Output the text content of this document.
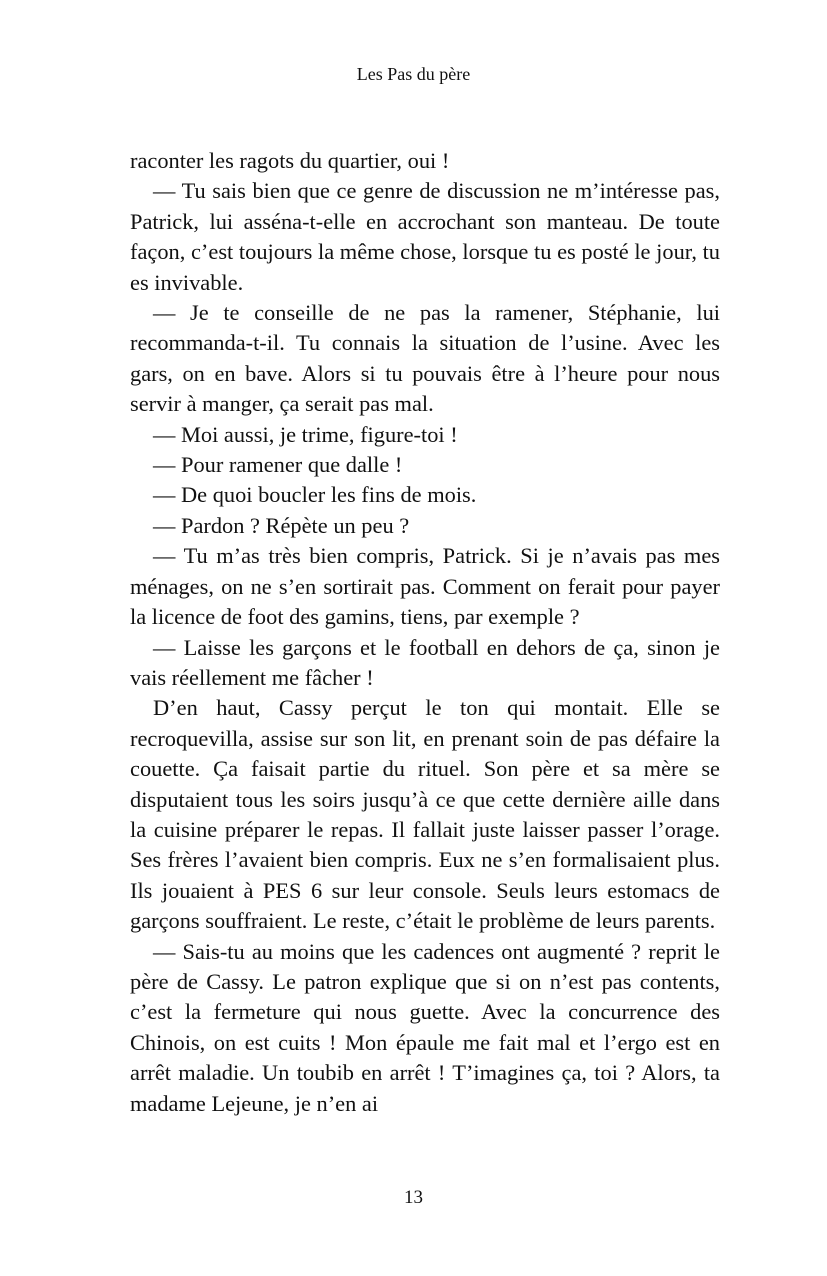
Les Pas du père

raconter les ragots du quartier, oui !

— Tu sais bien que ce genre de discussion ne m’intéresse pas, Patrick, lui asséna-t-elle en accrochant son manteau. De toute façon, c’est toujours la même chose, lorsque tu es posté le jour, tu es invivable.

— Je te conseille de ne pas la ramener, Stéphanie, lui recommanda-t-il. Tu connais la situation de l’usine. Avec les gars, on en bave. Alors si tu pouvais être à l’heure pour nous servir à manger, ça serait pas mal.

— Moi aussi, je trime, figure-toi !

— Pour ramener que dalle !

— De quoi boucler les fins de mois.

— Pardon ? Répète un peu ?

— Tu m’as très bien compris, Patrick. Si je n’avais pas mes ménages, on ne s’en sortirait pas. Comment on ferait pour payer la licence de foot des gamins, tiens, par exemple ?

— Laisse les garçons et le football en dehors de ça, sinon je vais réellement me fâcher !

D’en haut, Cassy perçut le ton qui montait. Elle se recroquevilla, assise sur son lit, en prenant soin de pas défaire la couette. Ça faisait partie du rituel. Son père et sa mère se disputaient tous les soirs jusqu’à ce que cette dernière aille dans la cuisine préparer le repas. Il fallait juste laisser passer l’orage. Ses frères l’avaient bien compris. Eux ne s’en formalisaient plus. Ils jouaient à PES 6 sur leur console. Seuls leurs estomacs de garçons souffraient. Le reste, c’était le problème de leurs parents.

— Sais-tu au moins que les cadences ont augmenté ? reprit le père de Cassy. Le patron explique que si on n’est pas contents, c’est la fermeture qui nous guette. Avec la concurrence des Chinois, on est cuits ! Mon épaule me fait mal et l’ergo est en arrêt maladie. Un toubib en arrêt ! T’imagines ça, toi ? Alors, ta madame Lejeune, je n’en ai

13
